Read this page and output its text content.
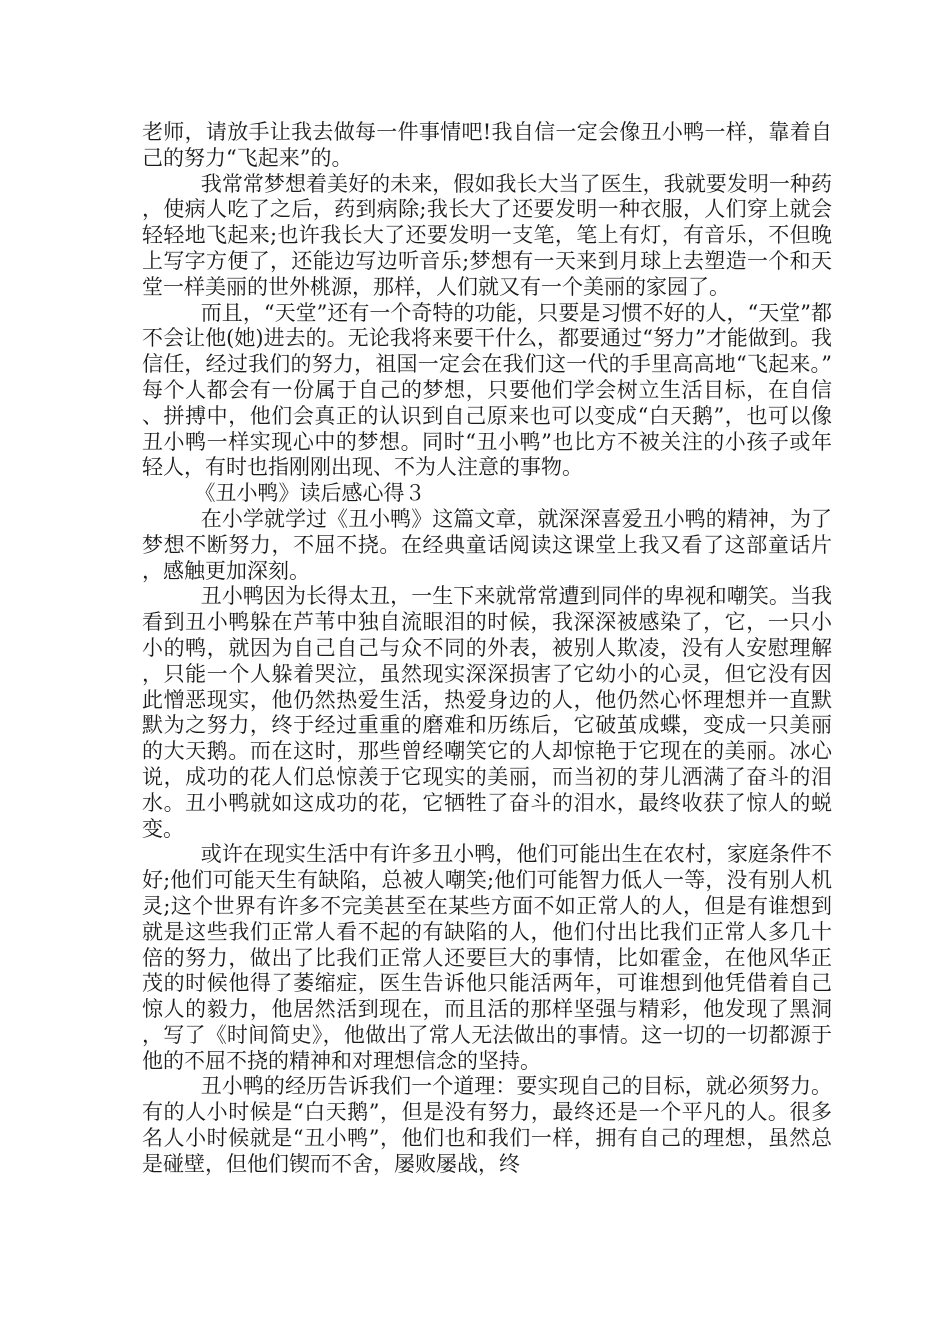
老师，请放手让我去做每一件事情吧!我自信一定会像丑小鸭一样，靠着自己的努力“飞起来”的。

我常常梦想着美好的未来，假如我长大当了医生，我就要发明一种药，使病人吃了之后，药到病除;我长大了还要发明一种衣服，人们穿上就会轻轻地飞起来;也许我长大了还要发明一支笔，笔上有灯，有音乐，不但晚上写字方便了，还能边写边听音乐;梦想有一天来到月球上去塑造一个和天堂一样美丽的世外桃源，那样，人们就又有一个美丽的家园了。

而且，“天堂”还有一个奇特的功能，只要是习惯不好的人，“天堂”都不会让他(她)进去的。无论我将来要干什么，都要通过“努力”才能做到。我信任，经过我们的努力，祖国一定会在我们这一代的手里高高地“飞起来。”每个人都会有一份属于自己的梦想，只要他们学会树立生活目标，在自信、拼搏中，他们会真正的认识到自己原来也可以变成“白天鹅”，也可以像丑小鸭一样实现心中的梦想。同时“丑小鸭”也比方不被关注的小孩子或年轻人，有时也指刚刚出现、不为人注意的事物。

《丑小鸭》读后感心得３

在小学就学过《丑小鸭》这篇文章，就深深喜爱丑小鸭的精神，为了梦想不断努力，不屈不挠。在经典童话阅读这课堂上我又看了这部童话片，感触更加深刻。

丑小鸭因为长得太丑，一生下来就常常遭到同伴的卑视和嘲笑。当我看到丑小鸭躲在芦苇中独自流眼泪的时候，我深深被感染了，它，一只小小的鸭，就因为自己自己与众不同的外表，被别人欺凌，没有人安慰理解，只能一个人躲着哭泣，虽然现实深深损害了它幼小的心灵，但它没有因此憎恶现实，他仍然热爱生活，热爱身边的人，他仍然心怀理想并一直默默为之努力，终于经过重重的磨难和历练后，它破茧成蝶，变成一只美丽的大天鹅。而在这时，那些曾经嘲笑它的人却惊艳于它现在的美丽。冰心说，成功的花人们总惊羡于它现实的美丽，而当初的芽儿洒满了奋斗的泪水。丑小鸭就如这成功的花，它牺牲了奋斗的泪水，最终收获了惊人的蜕变。

或许在现实生活中有许多丑小鸭，他们可能出生在农村，家庭条件不好;他们可能天生有缺陷，总被人嘲笑;他们可能智力低人一等，没有别人机灵;这个世界有许多不完美甚至在某些方面不如正常人的人，但是有谁想到就是这些我们正常人看不起的有缺陷的人，他们付出比我们正常人多几十倍的努力，做出了比我们正常人还要巨大的事情，比如霍金，在他风华正茂的时候他得了萎缩症，医生告诉他只能活两年，可谁想到他凭借着自己惊人的毅力，他居然活到现在，而且活的那样坚强与精彩，他发现了黑洞，写了《时间简史》，他做出了常人无法做出的事情。这一切的一切都源于他的不屈不挠的精神和对理想信念的坚持。

丑小鸭的经历告诉我们一个道理：要实现自己的目标，就必须努力。有的人小时候是“白天鹅”，但是没有努力，最终还是一个平凡的人。很多名人小时候就是“丑小鸭”，他们也和我们一样，拥有自己的理想，虽然总是碰壁，但他们锲而不舍，屡败屡战，终
